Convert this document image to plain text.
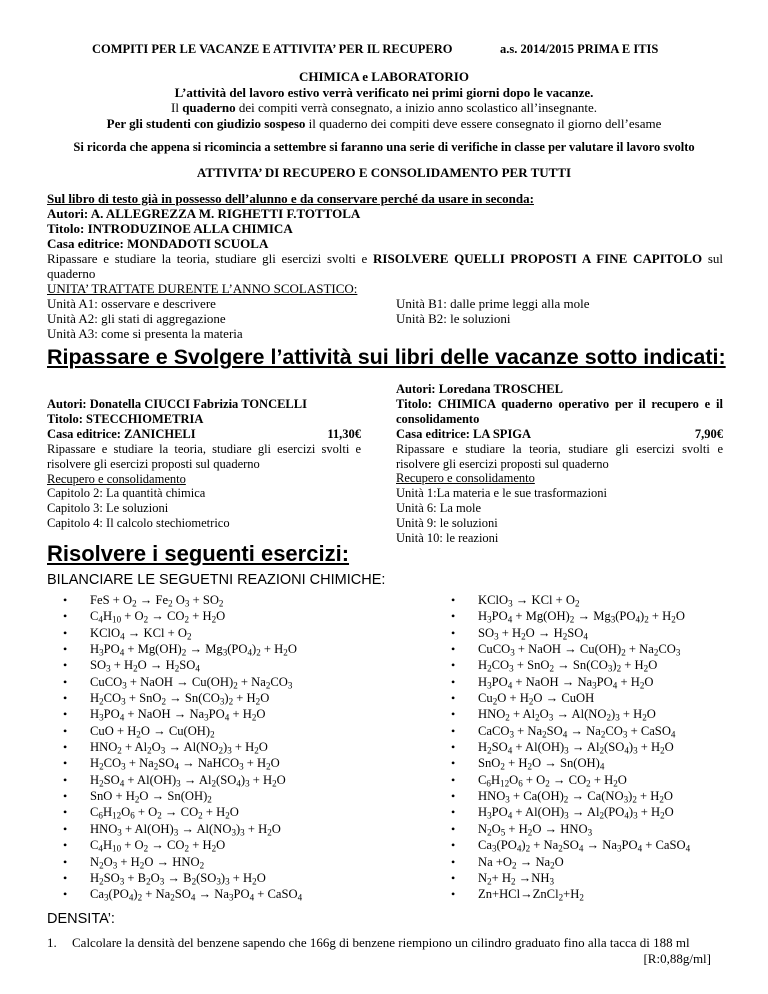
COMPITI PER LE VACANZE E ATTIVITA’ PER IL RECUPERO	a.s. 2014/2015 PRIMA E ITIS
CHIMICA e LABORATORIO
L’attività del lavoro estivo verrà verificato nei primi giorni dopo le vacanze.
Il quaderno dei compiti verrà consegnato, a inizio anno scolastico all’insegnante.
Per gli studenti con giudizio sospeso il quaderno dei compiti deve essere consegnato il giorno dell’esame
Si ricorda che appena si ricomincia a settembre si faranno una serie di verifiche in classe per valutare il lavoro svolto
ATTIVITA’ DI RECUPERO E CONSOLIDAMENTO PER TUTTI
Sul libro di testo già in possesso dell’alunno e da conservare perché da usare in seconda:
Autori: A. ALLEGREZZA M. RIGHETTI F.TOTTOLA
Titolo: INTRODUZINOE ALLA CHIMICA
Casa editrice: MONDADOTI SCUOLA
Ripassare e studiare la teoria, studiare gli esercizi svolti e RISOLVERE QUELLI PROPOSTI A FINE CAPITOLO sul quaderno
UNITA’ TRATTATE DURENTE L’ANNO SCOLASTICO:
Unità A1: osservare e descrivere
Unità A2: gli stati di aggregazione
Unità A3: come si presenta la materia
Unità B1: dalle prime leggi alla mole
Unità B2: le soluzioni
Ripassare e Svolgere l’attività sui libri delle vacanze sotto indicati:
Autori: Donatella CIUCCI Fabrizia TONCELLI
Titolo: STECCHIOMETRIA
Casa editrice: ZANICHELI	11,30€
Ripassare e studiare la teoria, studiare gli esercizi svolti e risolvere gli esercizi proposti sul quaderno
Recupero e consolidamento
Capitolo 2: La quantità chimica
Capitolo 3: Le soluzioni
Capitolo 4: Il calcolo stechiometrico
Autori: Loredana TROSCHEL
Titolo: CHIMICA quaderno operativo per il recupero e il consolidamento
Casa editrice: LA SPIGA	7,90€
Ripassare e studiare la teoria, studiare gli esercizi svolti e risolvere gli esercizi proposti sul quaderno
Recupero e consolidamento
Unità 1:La materia e le sue trasformazioni
Unità 6: La mole
Unità 9: le soluzioni
Unità 10: le reazioni
Risolvere i seguenti esercizi:
BILANCIARE LE SEGUETNI REAZIONI CHIMICHE:
• FeS + $O_2 \to Fe_2$ $O_3 + SO_2$
• $C_4H_{10} + O_2 \to CO_2 + H_2O$
• KClO$_4$ → KCl + $O_2$
• $H_3PO_4 + Mg(OH)_2 \to Mg_3(PO_4)_2 + H_2O$
• $SO_3 + H_2O \to H_2SO_4$
• CuCO$_3$ + NaOH → $Cu(OH)_2 + Na_2CO_3$
• $H_2CO_3 + SnO_2 \to Sn(CO_3)_2 + H_2O$
• $H_3PO_4$ + NaOH → $Na_3PO_4 + H_2O$
• CuO + $H_2O \to Cu(OH)_2$
• $HNO_2 + Al_2O_3 \to Al(NO_2)_3 + H_2O$
• $H_2CO_3 + Na_2SO_4$ → NaHCO$_3$ + $H_2O$
• $H_2SO_4 + Al(OH)_3 \to Al_2(SO_4)_3 + H_2O$
• SnO + $H_2O \to Sn(OH)_2$
• $C_6H_{12}O_6 + O_2 \to CO_2 + H_2O$
• $HNO_3 + Al(OH)_3 \to Al(NO_3)_3 + H_2O$
• $C_4H_{10} + O_2 \to CO_2 + H_2O$
• $N_2O_3 + H_2O \to HNO_2$
• $H_2SO_3 + B_2O_3 \to B_2(SO_3)_3 + H_2O$
• $Ca_3(PO_4)_2 + Na_2SO_4 \to Na_3PO_4$ + CaSO$_4$
• KClO$_3$ → KCl + $O_2$
• $H_3PO_4 + Mg(OH)_2 \to Mg_3(PO_4)_2 + H_2O$
• $SO_3 + H_2O \to H_2SO_4$
• CuCO$_3$ + NaOH → $Cu(OH)_2 + Na_2CO_3$
• $H_2CO_3 + SnO_2 \to Sn(CO_3)_2 + H_2O$
• $H_3PO_4$ + NaOH → $Na_3PO_4 + H_2O$
• $Cu_2O + H_2O$ → CuOH
• $HNO_2 + Al_2O_3 \to Al(NO_2)_3 + H_2O$
• CaCO$_3$ + $Na_2SO_4 \to Na_2CO_3$ + CaSO$_4$
• $H_2SO_4 + Al(OH)_3 \to Al_2(SO_4)_3 + H_2O$
• $SnO_2 + H_2O \to Sn(OH)_4$
• $C_6H_{12}O_6 + O_2 \to CO_2 + H_2O$
• $HNO_3 + Ca(OH)_2 \to Ca(NO_3)_2 + H_2O$
• $H_3PO_4 + Al(OH)_3 \to Al_2(PO_4)_3 + H_2O$
• $N_2O_5 + H_2O \to HNO_3$
• $Ca_3(PO_4)_2 + Na_2SO_4 \to Na_3PO_4$ + CaSO$_4$
• $Na +O_2 \to Na_2O$
• $N_2+ H_2 \to NH_3$
• $Zn+HCl\to ZnCl_2+H_2$
DENSITA’:
1. Calcolare la densità del benzene sapendo che 166g di benzene riempiono un cilindro graduato fino alla tacca di 188 ml
[R:0,88g/ml]
